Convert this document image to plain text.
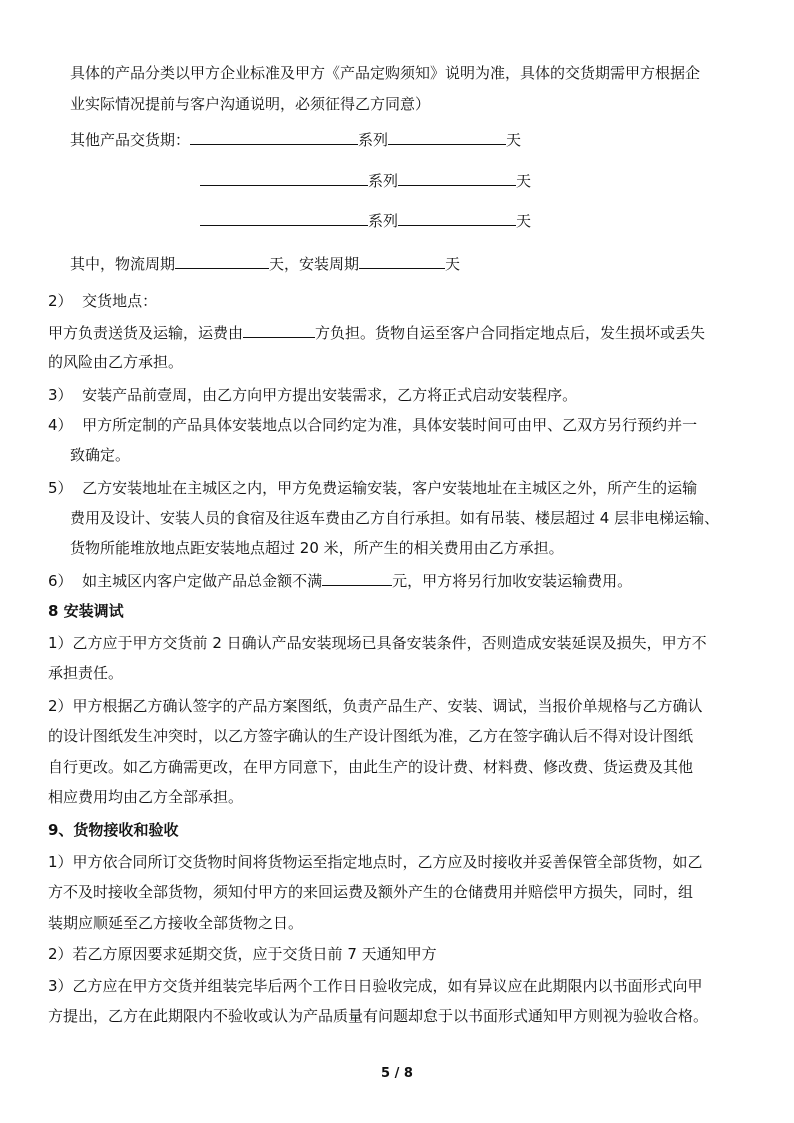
具体的产品分类以甲方企业标准及甲方《产品定购须知》说明为准，具体的交货期需甲方根据企
业实际情况提前与客户沟通说明，必须征得乙方同意）
其他产品交货期：	系列	天
系列	天
系列	天
其中，物流周期	天，安装周期	天
2） 交货地点：
甲方负责送货及运输，运费由	方负担。货物自运至客户合同指定地点后，发生损坏或丢失
的风险由乙方承担。
3） 安装产品前壹周，由乙方向甲方提出安装需求，乙方将正式启动安装程序。
4） 甲方所定制的产品具体安装地点以合同约定为准，具体安装时间可由甲、乙双方另行预约并一
致确定。
5） 乙方安装地址在主城区之内，甲方免费运输安装，客户安装地址在主城区之外，所产生的运输
费用及设计、安装人员的食宿及往返车费由乙方自行承担。如有吊装、楼层超过 4 层非电梯运输、
货物所能堆放地点距安装地点超过 20 米，所产生的相关费用由乙方承担。
6） 如主城区内客户定做产品总金额不满	元，甲方将另行加收安装运输费用。
8 安装调试
1）乙方应于甲方交货前 2 日确认产品安装现场已具备安装条件，否则造成安装延误及损失，甲方不
承担责任。
2）甲方根据乙方确认签字的产品方案图纸，负责产品生产、安装、调试，当报价单规格与乙方确认
的设计图纸发生冲突时，以乙方签字确认的生产设计图纸为准，乙方在签字确认后不得对设计图纸
自行更改。如乙方确需更改，在甲方同意下，由此生产的设计费、材料费、修改费、货运费及其他
相应费用均由乙方全部承担。
9、货物接收和验收
1）甲方依合同所订交货物时间将货物运至指定地点时，乙方应及时接收并妥善保管全部货物，如乙
方不及时接收全部货物，须知付甲方的来回运费及额外产生的仓储费用并赔偿甲方损失，同时，组
装期应顺延至乙方接收全部货物之日。
2）若乙方原因要求延期交货，应于交货日前 7 天通知甲方
3）乙方应在甲方交货并组装完毕后两个工作日日验收完成，如有异议应在此期限内以书面形式向甲
方提出，乙方在此期限内不验收或认为产品质量有问题却怠于以书面形式通知甲方则视为验收合格。
5 / 8
